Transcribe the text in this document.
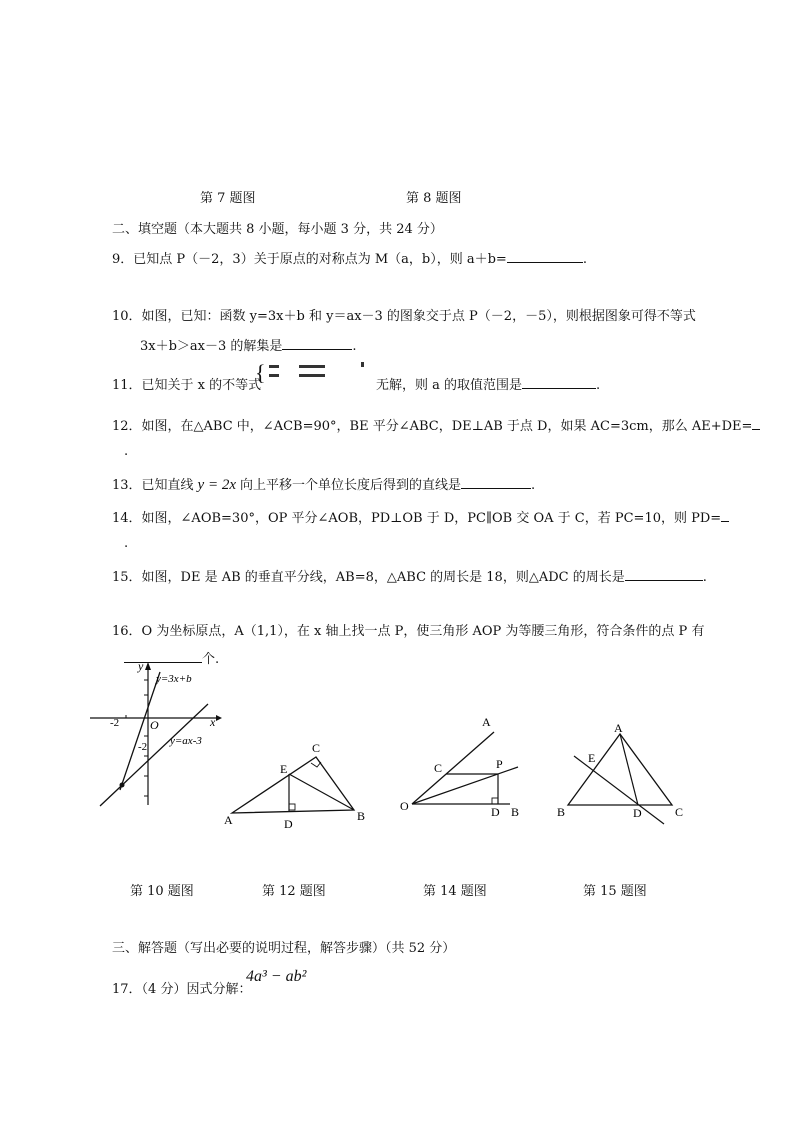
第 7 题图	第 8 题图
二、填空题（本大题共 8 小题，每小题 3 分，共 24 分）
9．已知点 P（－2，3）关于原点的对称点为 M（a，b），则 a＋b=	.
10．如图，已知：函数 y=3x＋b 和 y＝ax－3 的图象交于点 P（－2，－5），则根据图象可得不等式
3x＋b＞ax－3 的解集是	.
11．已知关于 x 的不等式
{
无解，则 a 的取值范围是	.
12．如图，在△ABC 中，∠ACB=90°，BE 平分∠ABC，DE⊥AB 于点 D，如果 AC=3cm，那么 AE+DE=
.
13．已知直线 y = 2x 向上平移一个单位长度后得到的直线是	.
14．如图，∠AOB=30°，OP 平分∠AOB，PD⊥OB 于 D，PC∥OB 交 OA 于 C，若 PC=10，则 PD=
.
15．如图，DE 是 AB 的垂直平分线，AB=8，△ABC 的周长是 18，则△ADC 的周长是	.
16．O 为坐标原点，A（1,1），在 x 轴上找一点 P，使三角形 AOP 为等腰三角形，符合条件的点 P 有
个.
y
x
O
y=3x+b
y=ax-3
-2
-2
A	B
C
D
E
A
B
C
D
O
P
A
B	C
D
E
第 10 题图	第 12 题图	第 14 题图	第 15 题图
三、解答题（写出必要的说明过程，解答步骤）（共 52 分）
17．（4 分）因式分解：
4a³ − ab²
